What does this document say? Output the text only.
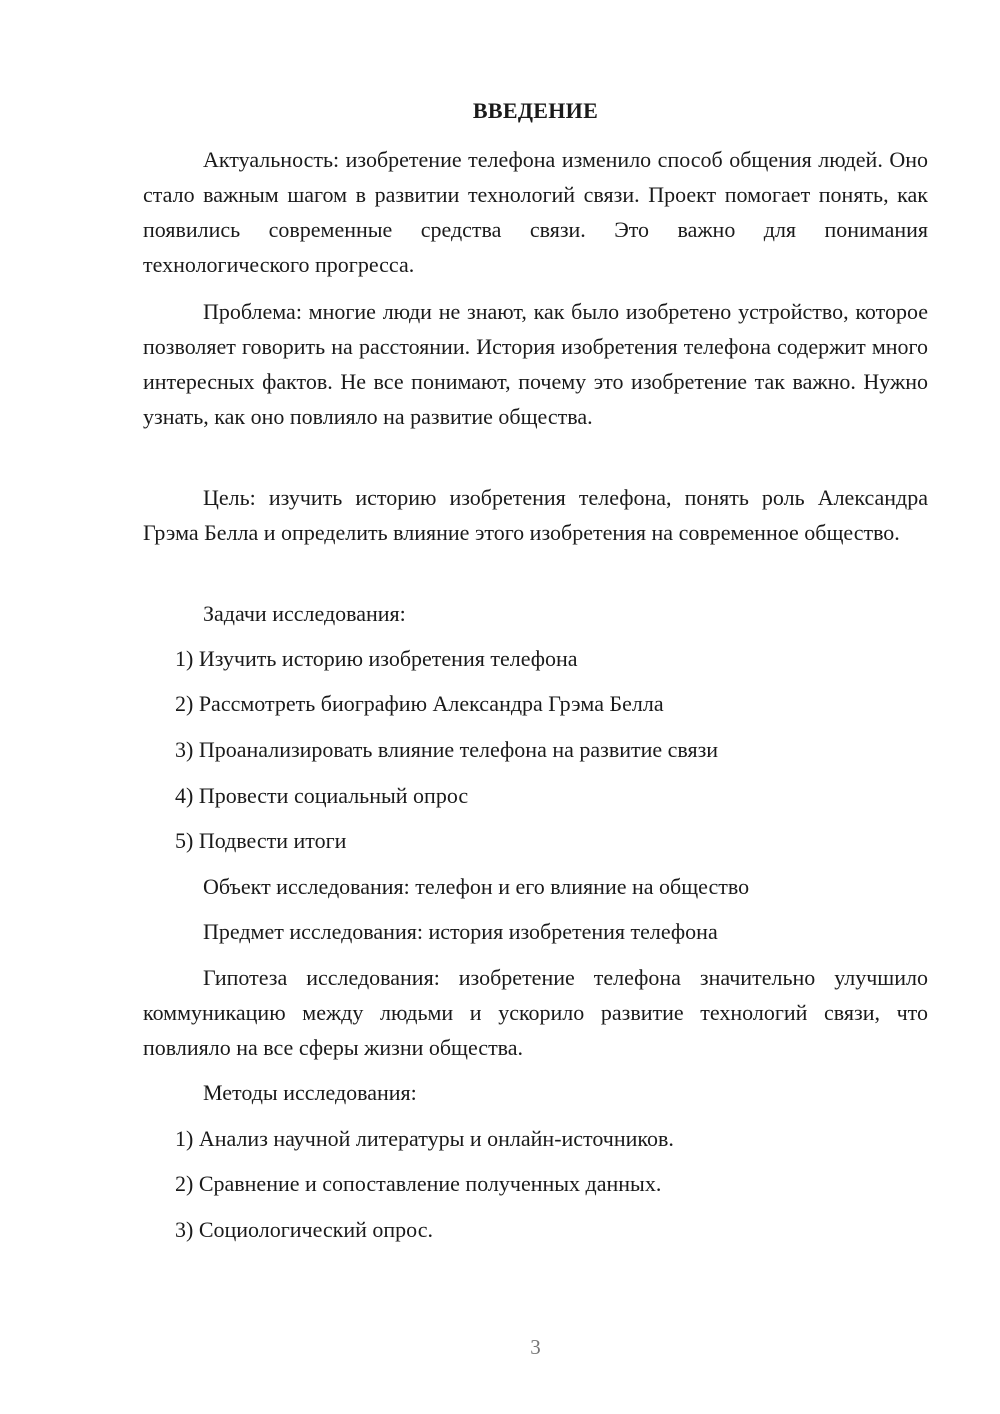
ВВЕДЕНИЕ

Актуальность: изобретение телефона изменило способ общения людей. Оно стало важным шагом в развитии технологий связи. Проект помогает понять, как появились современные средства связи. Это важно для понимания технологического прогресса.

Проблема: многие люди не знают, как было изобретено устройство, которое позволяет говорить на расстоянии. История изобретения телефона содержит много интересных фактов. Не все понимают, почему это изобретение так важно. Нужно узнать, как оно повлияло на развитие общества.

Цель: изучить историю изобретения телефона, понять роль Александра Грэма Белла и определить влияние этого изобретения на современное общество.

Задачи исследования:
1) Изучить историю изобретения телефона
2) Рассмотреть биографию Александра Грэма Белла
3) Проанализировать влияние телефона на развитие связи
4) Провести социальный опрос
5) Подвести итоги
Объект исследования: телефон и его влияние на общество
Предмет исследования: история изобретения телефона

Гипотеза исследования: изобретение телефона значительно улучшило коммуникацию между людьми и ускорило развитие технологий связи, что повлияло на все сферы жизни общества.

Методы исследования:
1) Анализ научной литературы и онлайн-источников.
2) Сравнение и сопоставление полученных данных.
3) Социологический опрос.
3
